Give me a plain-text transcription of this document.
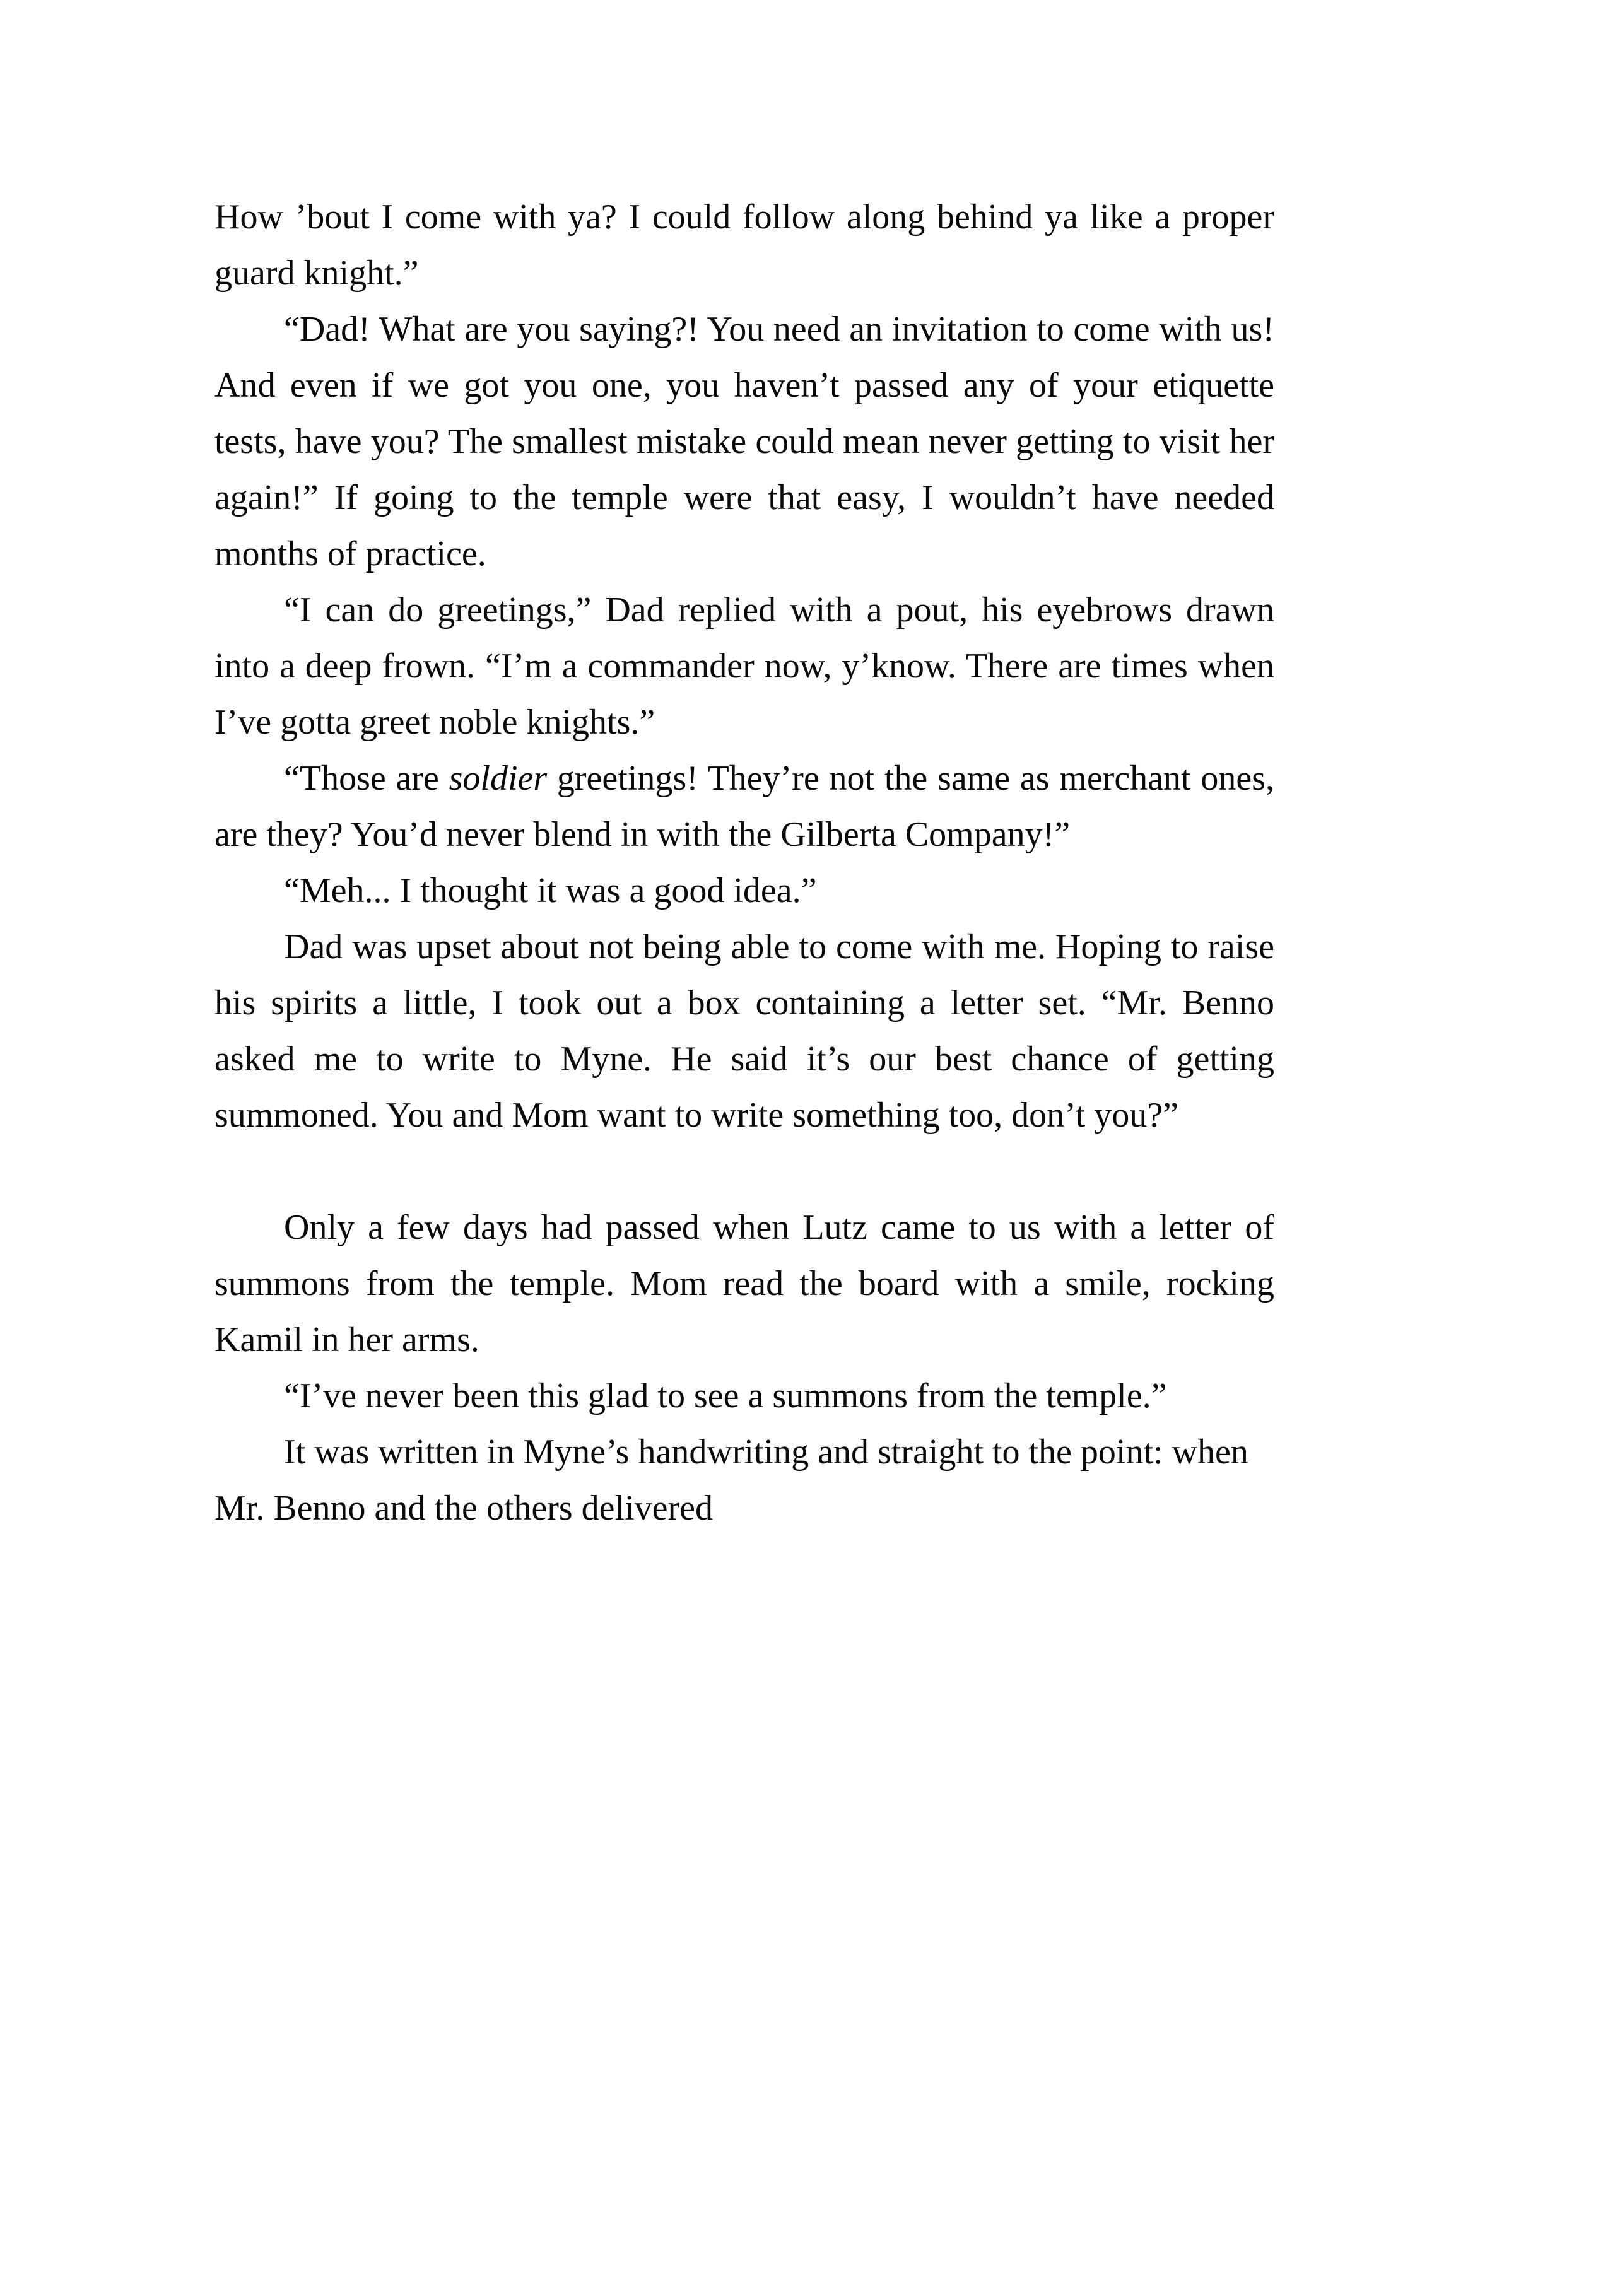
How ’bout I come with ya? I could follow along behind ya like a proper guard knight.”

“Dad! What are you saying?! You need an invitation to come with us! And even if we got you one, you haven’t passed any of your etiquette tests, have you? The smallest mistake could mean never getting to visit her again!” If going to the temple were that easy, I wouldn’t have needed months of practice.

“I can do greetings,” Dad replied with a pout, his eyebrows drawn into a deep frown. “I’m a commander now, y’know. There are times when I’ve gotta greet noble knights.”

“Those are soldier greetings! They’re not the same as merchant ones, are they? You’d never blend in with the Gilberta Company!”

“Meh... I thought it was a good idea.”

Dad was upset about not being able to come with me. Hoping to raise his spirits a little, I took out a box containing a letter set. “Mr. Benno asked me to write to Myne. He said it’s our best chance of getting summoned. You and Mom want to write something too, don’t you?”

Only a few days had passed when Lutz came to us with a letter of summons from the temple. Mom read the board with a smile, rocking Kamil in her arms.

“I’ve never been this glad to see a summons from the temple.”

It was written in Myne’s handwriting and straight to the point: when Mr. Benno and the others delivered
